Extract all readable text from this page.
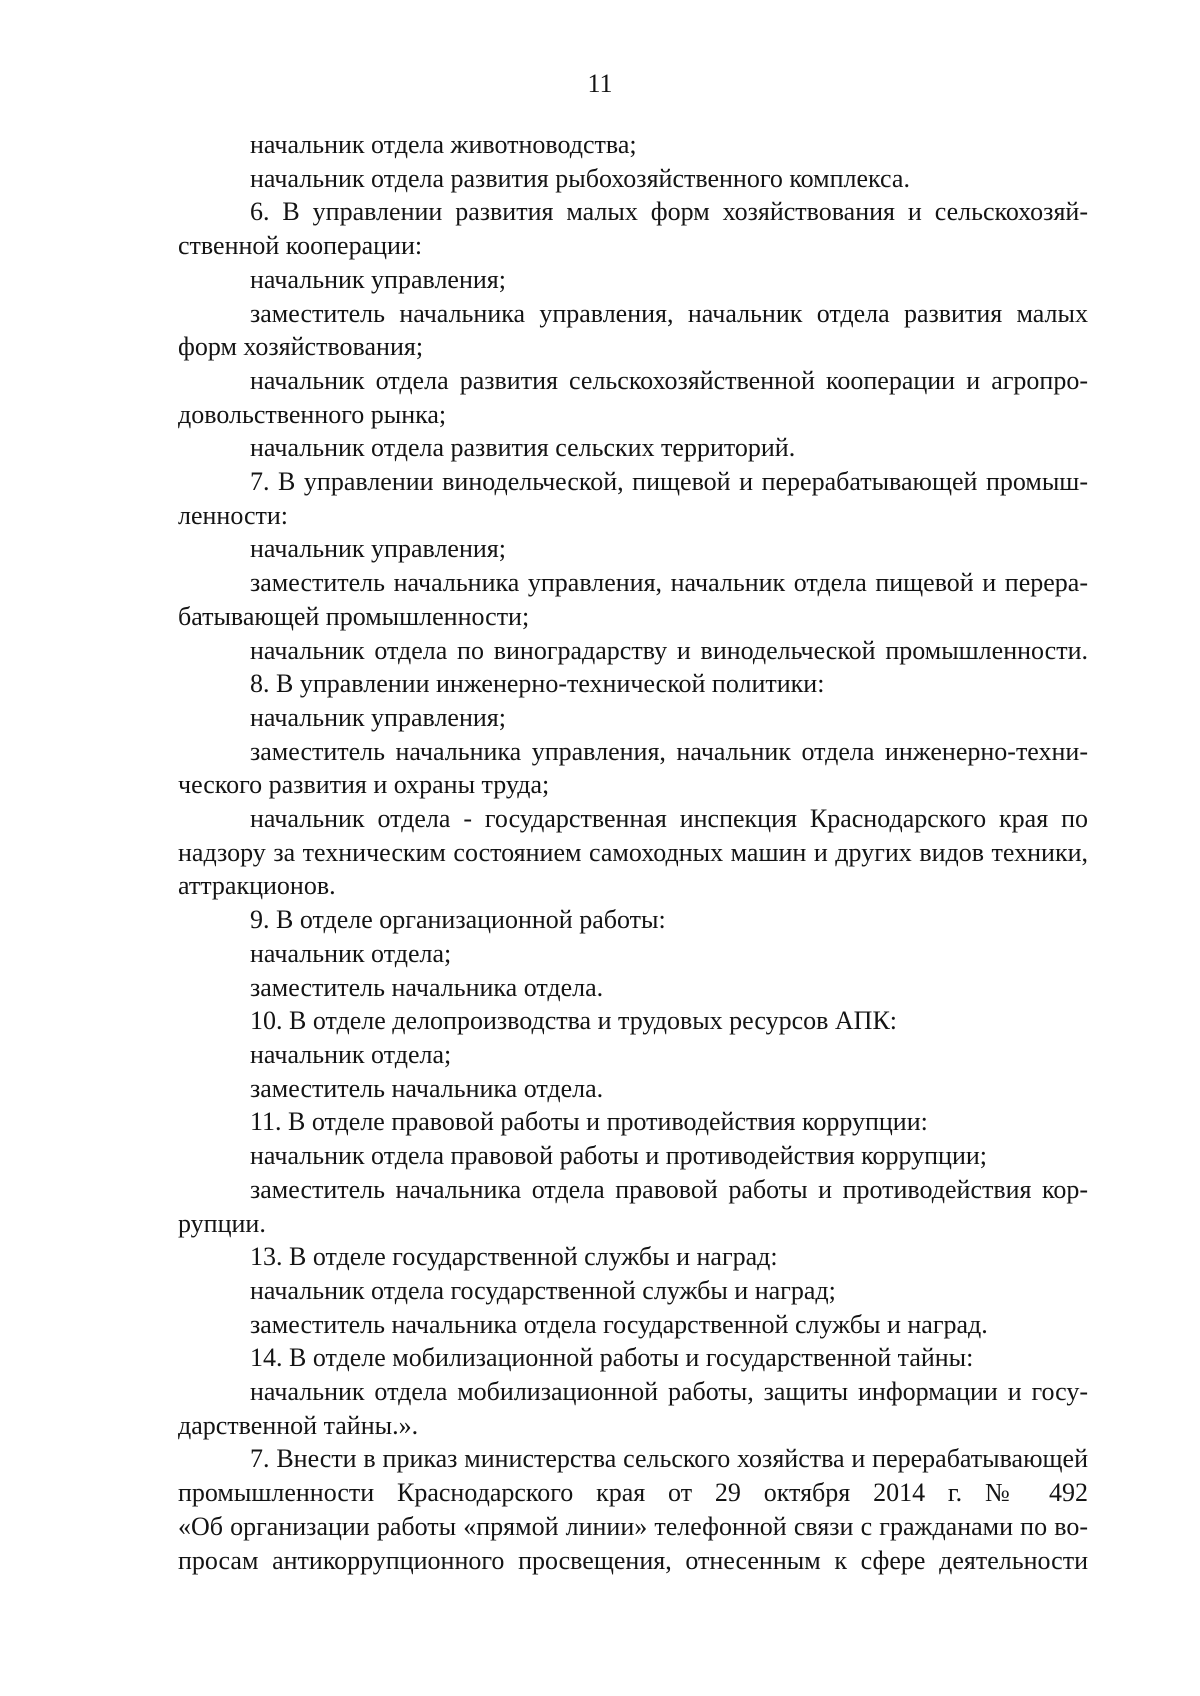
11
начальник отдела животноводства;
начальник отдела развития рыбохозяйственного комплекса.
6. В управлении развития малых форм хозяйствования и сельскохозяй-
ственной кооперации:
начальник управления;
заместитель начальника управления, начальник отдела развития малых
форм хозяйствования;
начальник отдела развития сельскохозяйственной кооперации и агропро-
довольственного рынка;
начальник отдела развития сельских территорий.
7. В управлении винодельческой, пищевой и перерабатывающей промыш-
ленности:
начальник управления;
заместитель начальника управления, начальник отдела пищевой и перера-
батывающей промышленности;
начальник отдела по виноградарству и винодельческой промышленности.
8. В управлении инженерно-технической политики:
начальник управления;
заместитель начальника управления, начальник отдела инженерно-техни-
ческого развития и охраны труда;
начальник отдела - государственная инспекция Краснодарского края по
надзору за техническим состоянием самоходных машин и других видов техники,
аттракционов.
9. В отделе организационной работы:
начальник отдела;
заместитель начальника отдела.
10. В отделе делопроизводства и трудовых ресурсов АПК:
начальник отдела;
заместитель начальника отдела.
11. В отделе правовой работы и противодействия коррупции:
начальник отдела правовой работы и противодействия коррупции;
заместитель начальника отдела правовой работы и противодействия кор-
рупции.
13. В отделе государственной службы и наград:
начальник отдела государственной службы и наград;
заместитель начальника отдела государственной службы и наград.
14. В отделе мобилизационной работы и государственной тайны:
начальник отдела мобилизационной работы, защиты информации и госу-
дарственной тайны.».
7. Внести в приказ министерства сельского хозяйства и перерабатывающей
промышленности Краснодарского края от 29 октября 2014 г. № 492
«Об организации работы «прямой линии» телефонной связи с гражданами по во-
просам антикоррупционного просвещения, отнесенным к сфере деятельности
